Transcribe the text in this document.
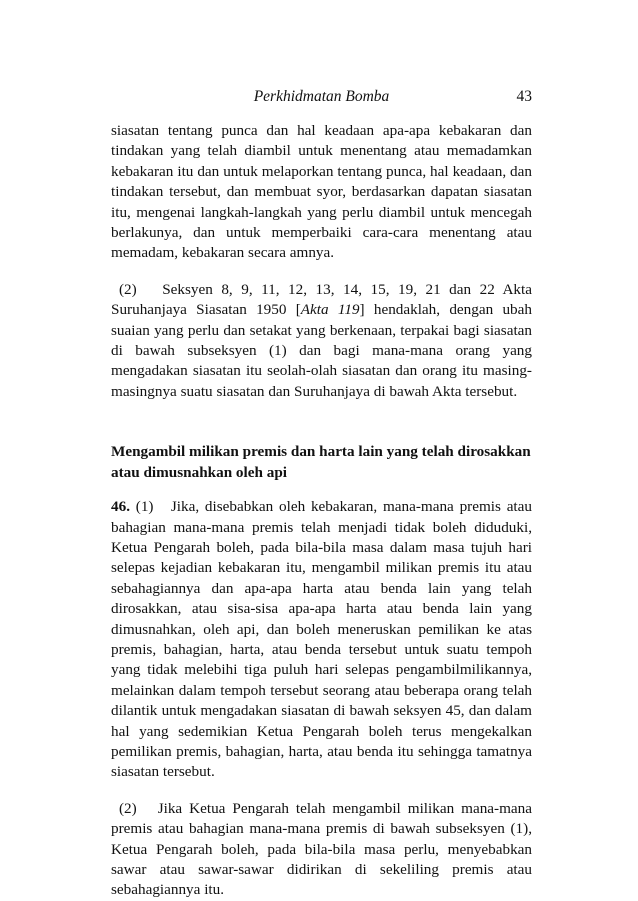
Perkhidmatan Bomba	43

siasatan tentang punca dan hal keadaan apa-apa kebakaran dan tindakan yang telah diambil untuk menentang atau memadamkan kebakaran itu dan untuk melaporkan tentang punca, hal keadaan, dan tindakan tersebut, dan membuat syor, berdasarkan dapatan siasatan itu, mengenai langkah-langkah yang perlu diambil untuk mencegah berlakunya, dan untuk memperbaiki cara-cara menentang atau memadam, kebakaran secara amnya.

(2)   Seksyen 8, 9, 11, 12, 13, 14, 15, 19, 21 dan 22 Akta Suruhanjaya Siasatan 1950 [Akta 119] hendaklah, dengan ubah suaian yang perlu dan setakat yang berkenaan, terpakai bagi siasatan di bawah subseksyen (1) dan bagi mana-mana orang yang mengadakan siasatan itu seolah-olah siasatan dan orang itu masing-masingnya suatu siasatan dan Suruhanjaya di bawah Akta tersebut.

Mengambil milikan premis dan harta lain yang telah dirosakkan atau dimusnahkan oleh api

46. (1)   Jika, disebabkan oleh kebakaran, mana-mana premis atau bahagian mana-mana premis telah menjadi tidak boleh diduduki, Ketua Pengarah boleh, pada bila-bila masa dalam masa tujuh hari selepas kejadian kebakaran itu, mengambil milikan premis itu atau sebahagiannya dan apa-apa harta atau benda lain yang telah dirosakkan, atau sisa-sisa apa-apa harta atau benda lain yang dimusnahkan, oleh api, dan boleh meneruskan pemilikan ke atas premis, bahagian, harta, atau benda tersebut untuk suatu tempoh yang tidak melebihi tiga puluh hari selepas pengambilmilikannya, melainkan dalam tempoh tersebut seorang atau beberapa orang telah dilantik untuk mengadakan siasatan di bawah seksyen 45, dan dalam hal yang sedemikian Ketua Pengarah boleh terus mengekalkan pemilikan premis, bahagian, harta, atau benda itu sehingga tamatnya siasatan tersebut.

(2)   Jika Ketua Pengarah telah mengambil milikan mana-mana premis atau bahagian mana-mana premis di bawah subseksyen (1), Ketua Pengarah boleh, pada bila-bila masa perlu, menyebabkan sawar atau sawar-sawar didirikan di sekeliling premis atau sebahagiannya itu.
